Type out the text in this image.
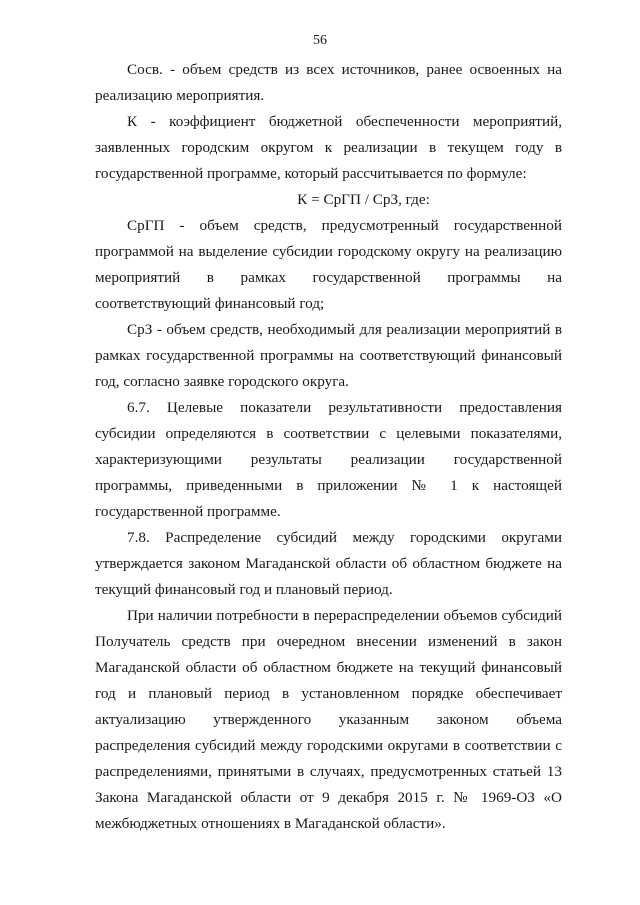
56

Сосв. - объем средств из всех источников, ранее освоенных на реализацию мероприятия.

К - коэффициент бюджетной обеспеченности мероприятий, заявленных городским округом к реализации в текущем году в государственной программе, который рассчитывается по формуле:

К = СрГП / СрЗ, где:

СрГП - объем средств, предусмотренный государственной программой на выделение субсидии городскому округу на реализацию мероприятий в рамках государственной программы на соответствующий финансовый год;

СрЗ - объем средств, необходимый для реализации мероприятий в рамках государственной программы на соответствующий финансовый год, согласно заявке городского округа.

6.7. Целевые показатели результативности предоставления субсидии определяются в соответствии с целевыми показателями, характеризующими результаты реализации государственной программы, приведенными в приложении № 1 к настоящей государственной программе.

7.8. Распределение субсидий между городскими округами утверждается законом Магаданской области об областном бюджете на текущий финансовый год и плановый период.

При наличии потребности в перераспределении объемов субсидий Получатель средств при очередном внесении изменений в закон Магаданской области об областном бюджете на текущий финансовый год и плановый период в установленном порядке обеспечивает актуализацию утвержденного указанным законом объема распределения субсидий между городскими округами в соответствии с распределениями, принятыми в случаях, предусмотренных статьей 13 Закона Магаданской области от 9 декабря 2015 г. № 1969-ОЗ «О межбюджетных отношениях в Магаданской области».
